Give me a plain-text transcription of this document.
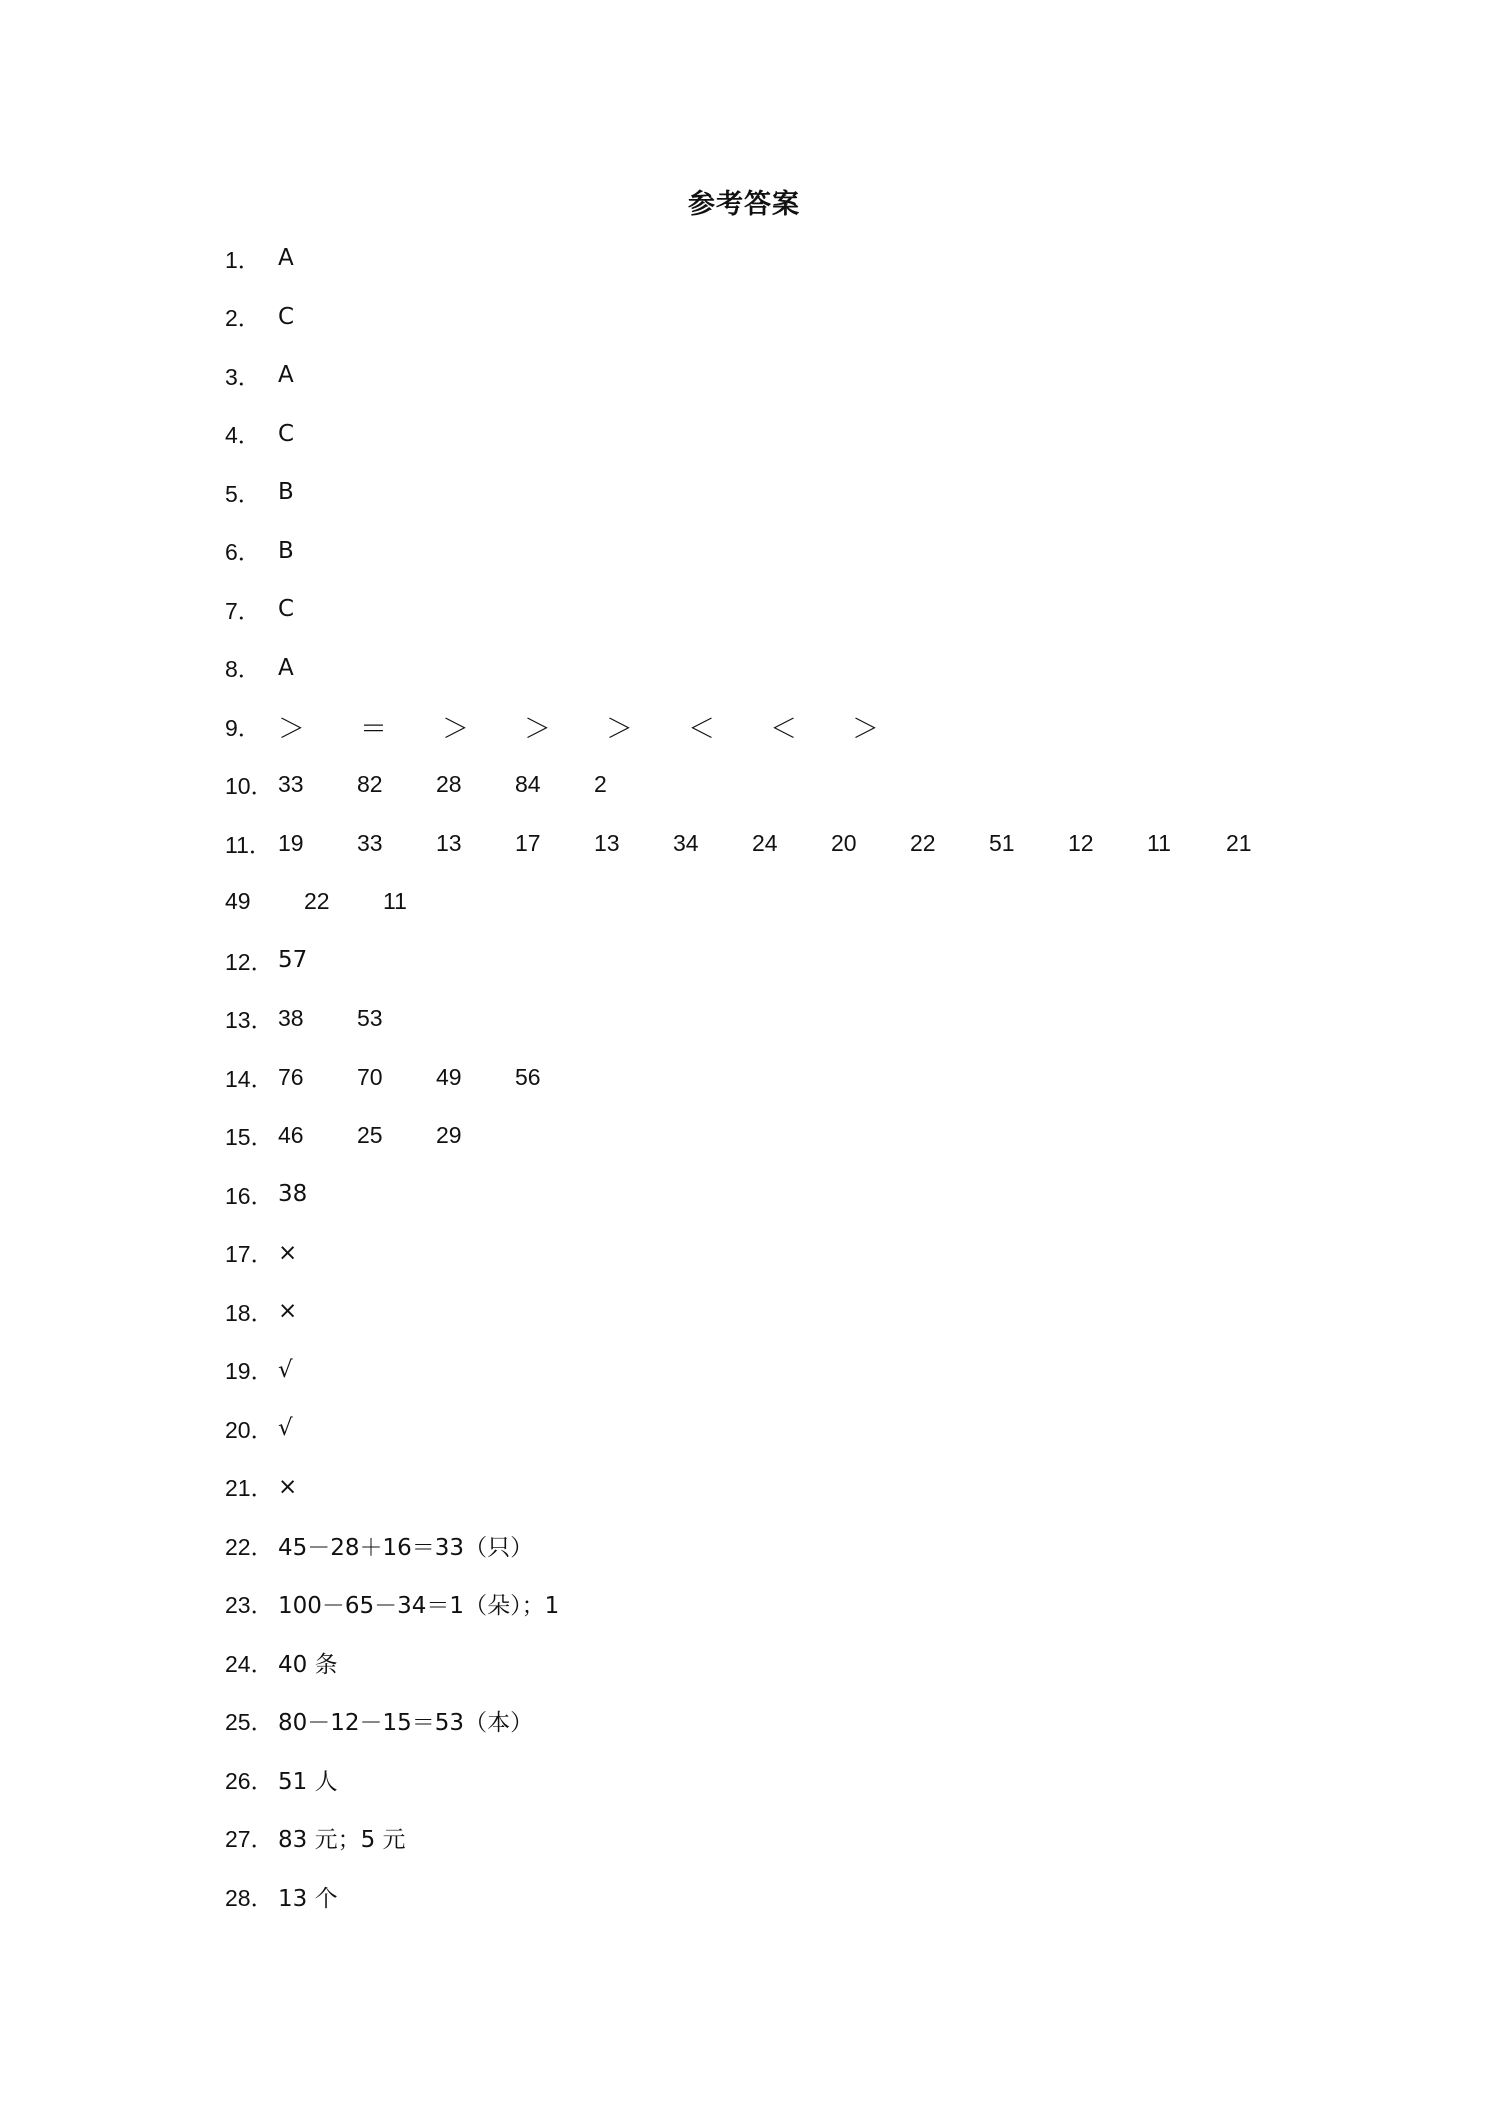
参考答案
1． A
2． C
3． A
4． C
5． B
6． B
7． C
8． A
9． ＞	＝	＞	＞	＞	＜	＜	＞
10． 33	82	28	84	2
11． 19	33	13	17	13	34	24	20	22	51	12	11	21
49	22	11
12． 57
13． 38	53
14． 76	70	49	56
15． 46	25	29
16． 38
17． ×
18． ×
19． √
20． √
21． ×
22． 45－28＋16＝33（只）
23． 100－65－34＝1（朵）；1
24． 40 条
25． 80－12－15＝53（本）
26． 51 人
27． 83 元；5 元
28． 13 个
